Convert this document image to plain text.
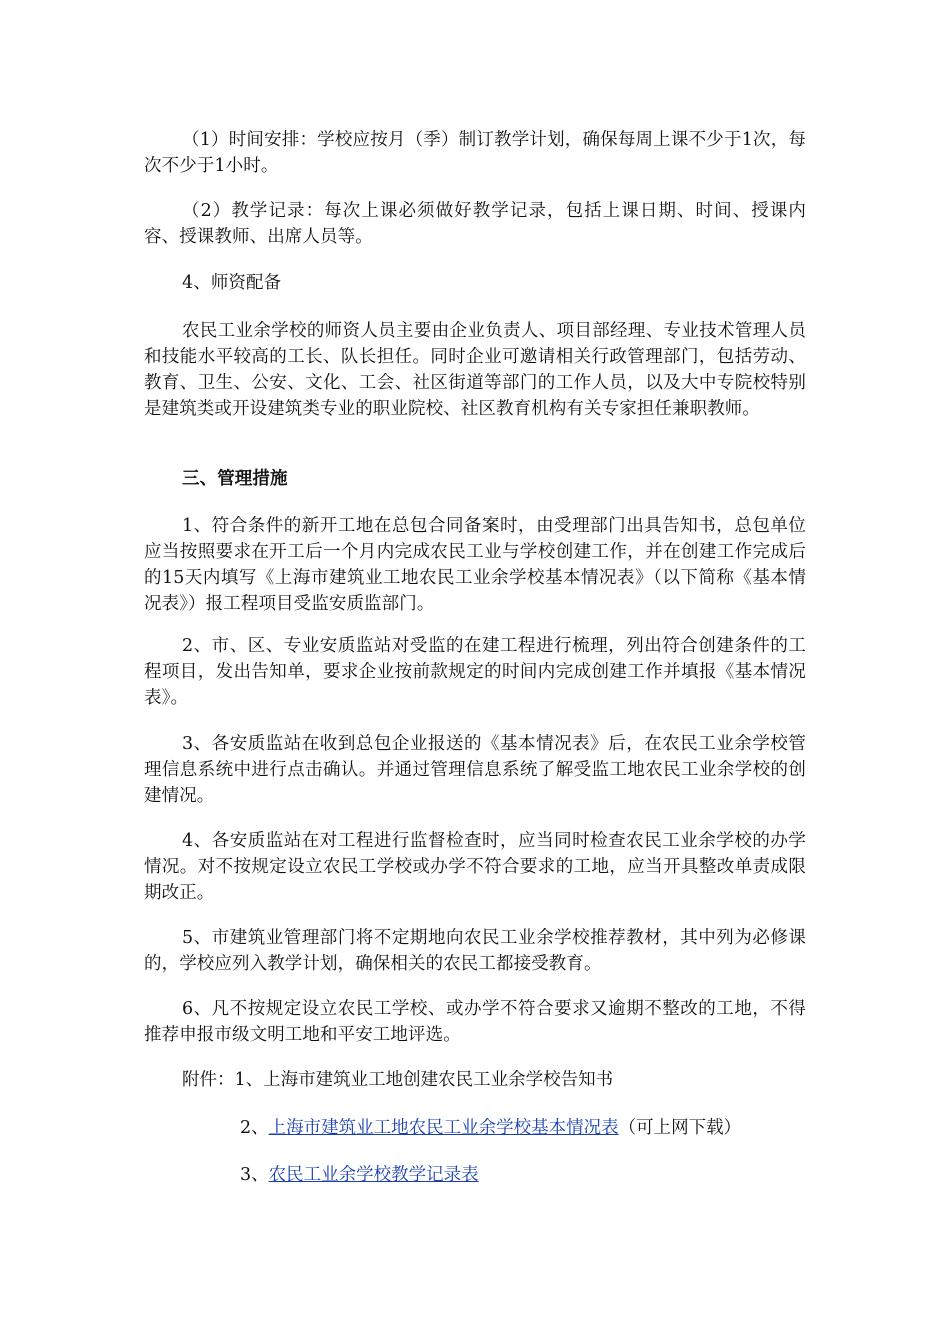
（1）时间安排：学校应按月（季）制订教学计划，确保每周上课不少于1次，每次不少于1小时。

（2）教学记录：每次上课必须做好教学记录，包括上课日期、时间、授课内容、授课教师、出席人员等。

4、师资配备

农民工业余学校的师资人员主要由企业负责人、项目部经理、专业技术管理人员和技能水平较高的工长、队长担任。同时企业可邀请相关行政管理部门，包括劳动、教育、卫生、公安、文化、工会、社区街道等部门的工作人员，以及大中专院校特别是建筑类或开设建筑类专业的职业院校、社区教育机构有关专家担任兼职教师。

三、管理措施

1、符合条件的新开工地在总包合同备案时，由受理部门出具告知书，总包单位应当按照要求在开工后一个月内完成农民工业与学校创建工作，并在创建工作完成后的15天内填写《上海市建筑业工地农民工业余学校基本情况表》（以下简称《基本情况表》）报工程项目受监安质监部门。

2、市、区、专业安质监站对受监的在建工程进行梳理，列出符合创建条件的工程项目，发出告知单，要求企业按前款规定的时间内完成创建工作并填报《基本情况表》。

3、各安质监站在收到总包企业报送的《基本情况表》后，在农民工业余学校管理信息系统中进行点击确认。并通过管理信息系统了解受监工地农民工业余学校的创建情况。

4、各安质监站在对工程进行监督检查时，应当同时检查农民工业余学校的办学情况。对不按规定设立农民工学校或办学不符合要求的工地，应当开具整改单责成限期改正。

5、市建筑业管理部门将不定期地向农民工业余学校推荐教材，其中列为必修课的，学校应列入教学计划，确保相关的农民工都接受教育。

6、凡不按规定设立农民工学校、或办学不符合要求又逾期不整改的工地，不得推荐申报市级文明工地和平安工地评选。

附件：1、上海市建筑业工地创建农民工业余学校告知书
2、上海市建筑业工地农民工业余学校基本情况表（可上网下载）
3、农民工业余学校教学记录表
